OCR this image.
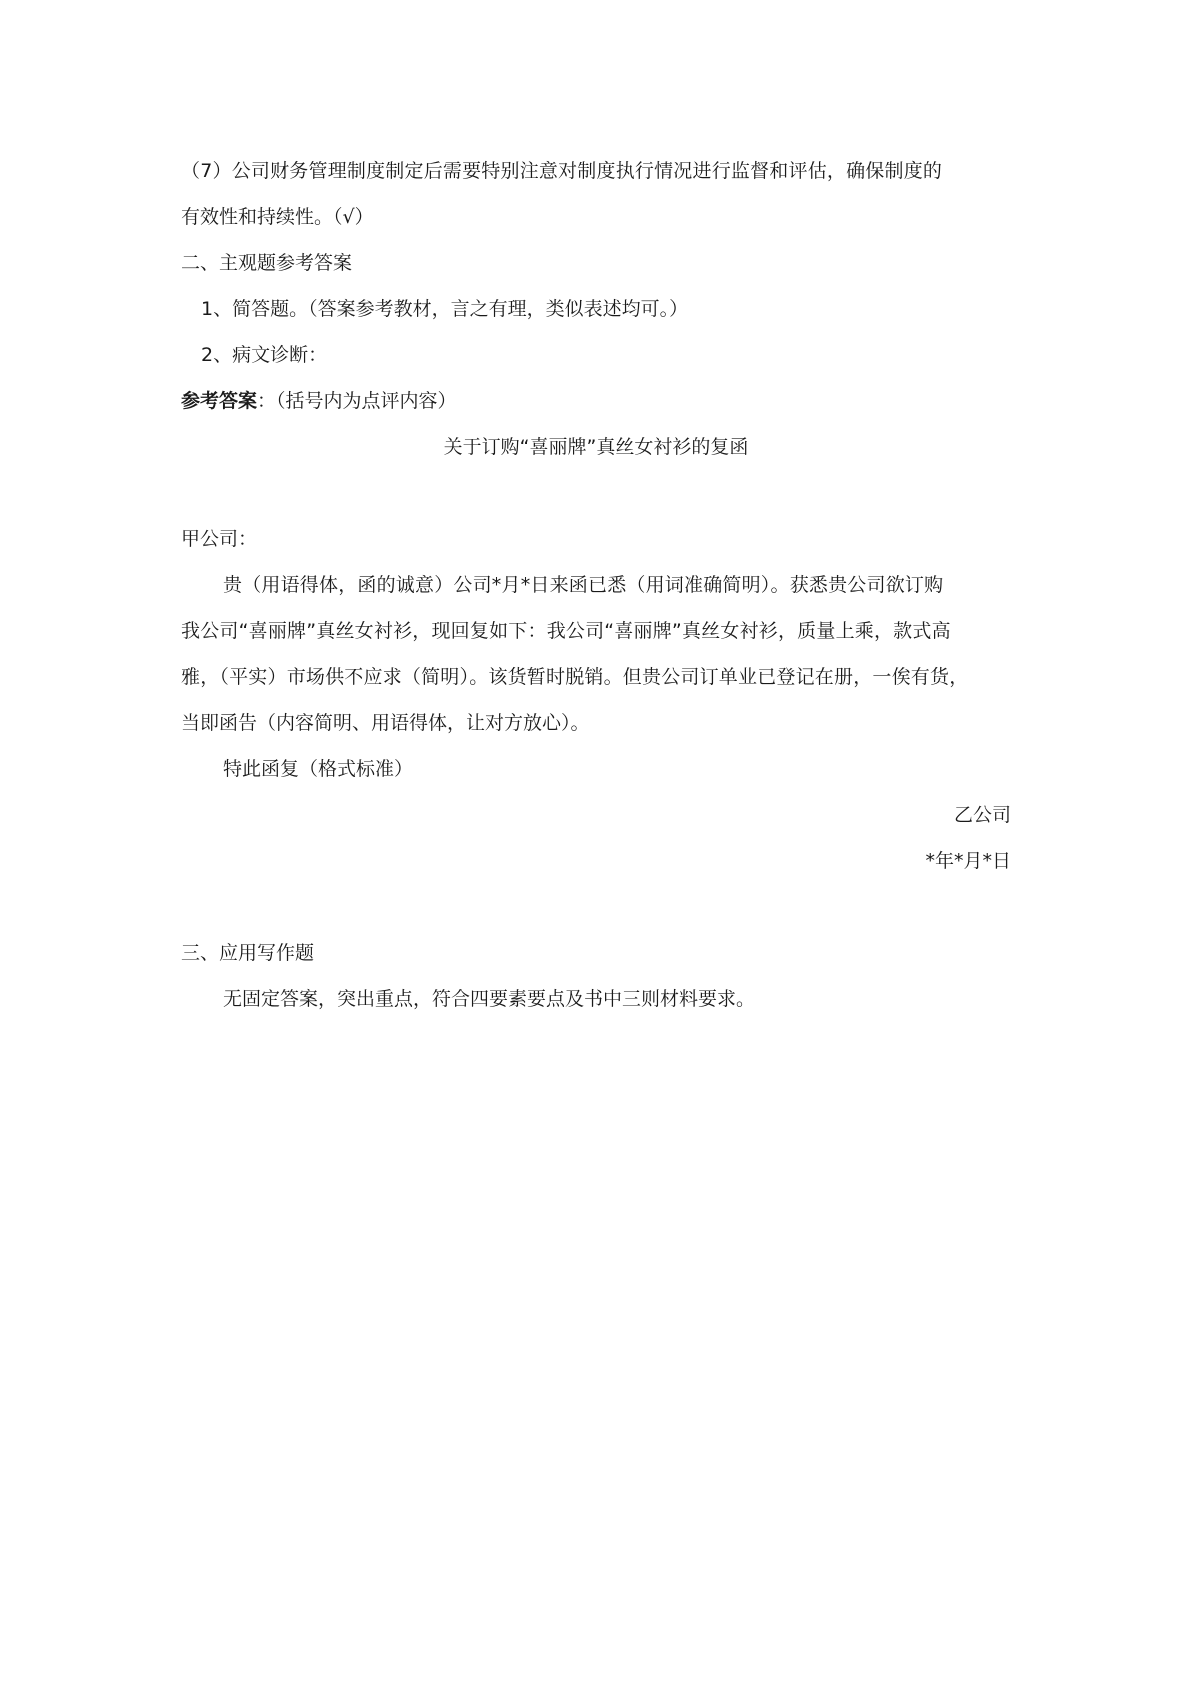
（7）公司财务管理制度制定后需要特别注意对制度执行情况进行监督和评估，确保制度的
有效性和持续性。（√）
二、主观题参考答案
1、简答题。（答案参考教材，言之有理，类似表述均可。）
2、病文诊断：
参考答案：（括号内为点评内容）
关于订购“喜丽牌”真丝女衬衫的复函
甲公司：
贵（用语得体，函的诚意）公司*月*日来函已悉（用词准确简明）。获悉贵公司欲订购
我公司“喜丽牌”真丝女衬衫，现回复如下：我公司“喜丽牌”真丝女衬衫，质量上乘，款式高
雅，（平实）市场供不应求（简明）。该货暂时脱销。但贵公司订单业已登记在册，一俟有货，
当即函告（内容简明、用语得体，让对方放心）。
特此函复（格式标准）
乙公司
*年*月*日
三、应用写作题
无固定答案，突出重点，符合四要素要点及书中三则材料要求。
